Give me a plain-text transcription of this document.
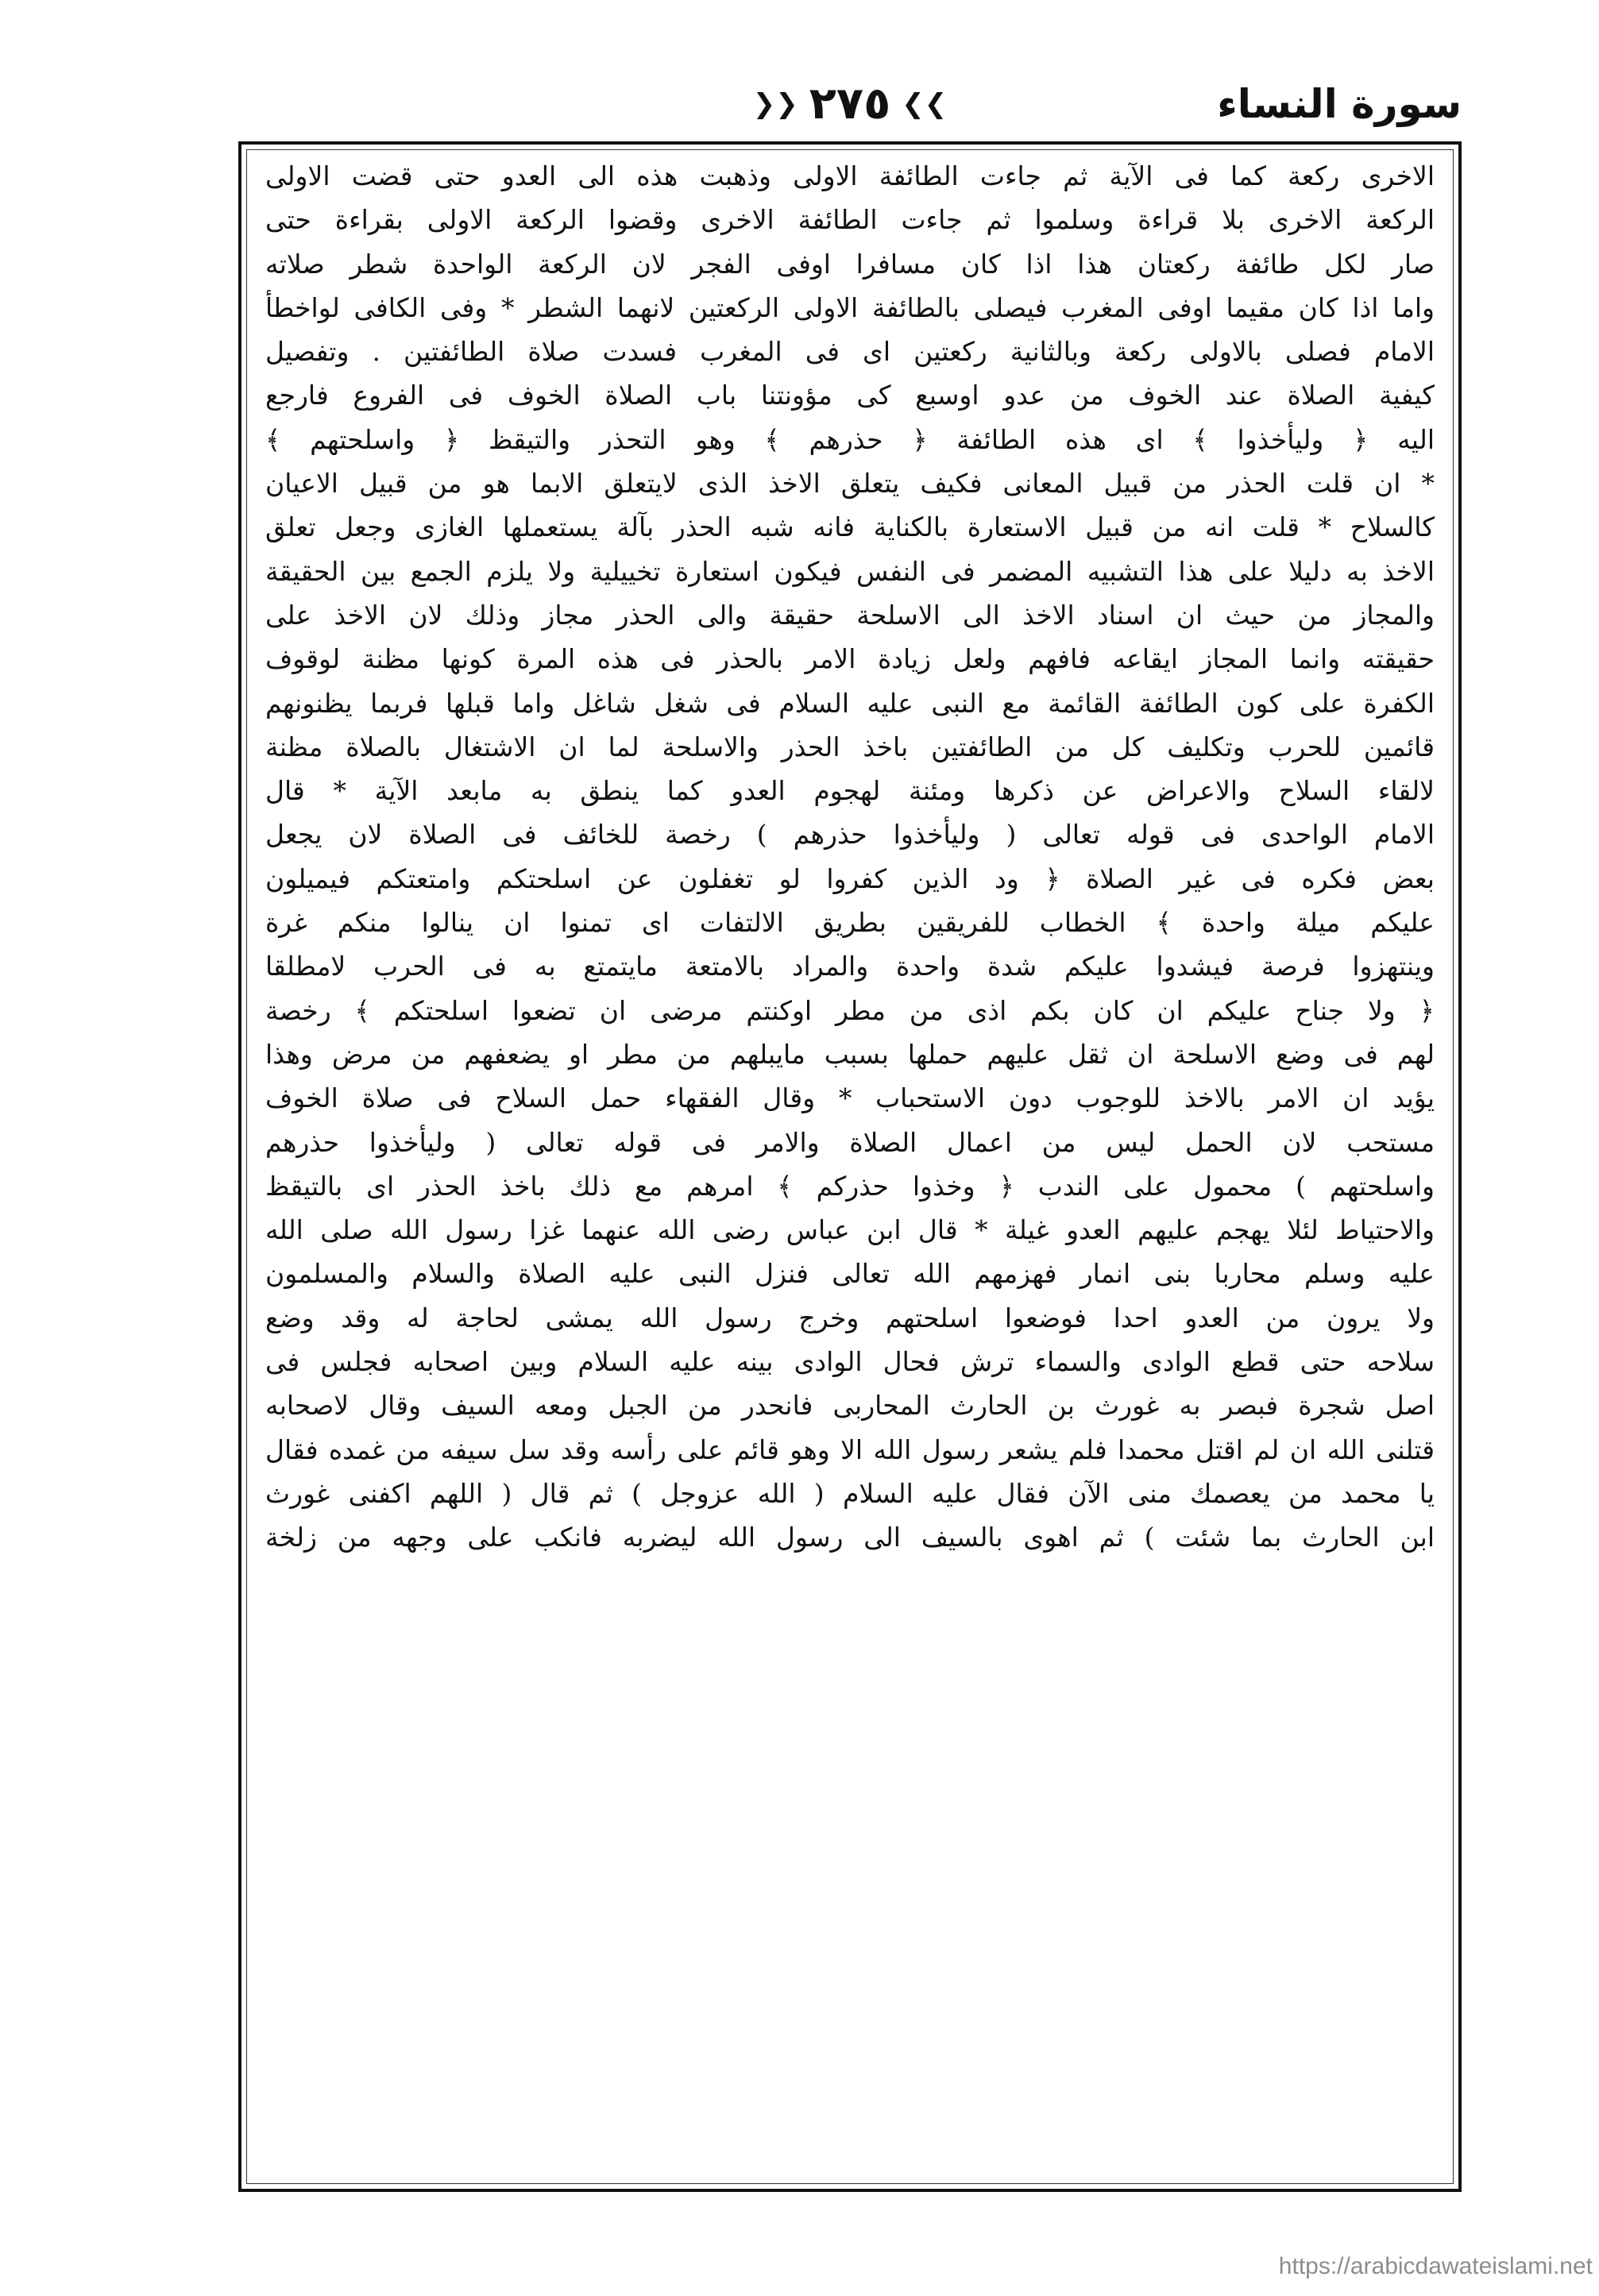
سورة النساء
❯❯ ٢٧٥ ❮❮
الاخرى ركعة كما فى الآية ثم جاءت الطائفة الاولى وذهبت هذه الى العدو حتى قضت الاولى
الركعة الاخرى بلا قراءة وسلموا ثم جاءت الطائفة الاخرى وقضوا الركعة الاولى بقراءة حتى
صار لكل طائفة ركعتان هذا اذا كان مسافرا اوفى الفجر لان الركعة الواحدة شطر صلاته
واما اذا كان مقيما اوفى المغرب فيصلى بالطائفة الاولى الركعتين لانهما الشطر * وفى الكافى لواخطأ
الامام فصلى بالاولى ركعة وبالثانية ركعتين اى فى المغرب فسدت صلاة الطائفتين . وتفصيل
كيفية الصلاة عند الخوف من عدو اوسبع كى مؤونتنا باب الصلاة الخوف فى الفروع فارجع
اليه ﴿ وليأخذوا ﴾ اى هذه الطائفة ﴿ حذرهم ﴾ وهو التحذر والتيقظ ﴿ واسلحتهم ﴾
* ان قلت الحذر من قبيل المعانى فكيف يتعلق الاخذ الذى لايتعلق الابما هو من قبيل الاعيان
كالسلاح * قلت انه من قبيل الاستعارة بالكناية فانه شبه الحذر بآلة يستعملها الغازى وجعل تعلق
الاخذ به دليلا على هذا التشبيه المضمر فى النفس فيكون استعارة تخييلية ولا يلزم الجمع بين الحقيقة
والمجاز من حيث ان اسناد الاخذ الى الاسلحة حقيقة والى الحذر مجاز وذلك لان الاخذ على
حقيقته وانما المجاز ايقاعه فافهم ولعل زيادة الامر بالحذر فى هذه المرة كونها مظنة لوقوف
الكفرة على كون الطائفة القائمة مع النبى عليه السلام فى شغل شاغل واما قبلها فربما يظنونهم
قائمين للحرب وتكليف كل من الطائفتين باخذ الحذر والاسلحة لما ان الاشتغال بالصلاة مظنة
لالقاء السلاح والاعراض عن ذكرها ومئنة لهجوم العدو كما ينطق به مابعد الآية * قال
الامام الواحدى فى قوله تعالى ( وليأخذوا حذرهم ) رخصة للخائف فى الصلاة لان يجعل
بعض فكره فى غير الصلاة ﴿ ود الذين كفروا لو تغفلون عن اسلحتكم وامتعتكم فيميلون
عليكم ميلة واحدة ﴾ الخطاب للفريقين بطريق الالتفات اى تمنوا ان ينالوا منكم غرة
وينتهزوا فرصة فيشدوا عليكم شدة واحدة والمراد بالامتعة مايتمتع به فى الحرب لامطلقا
﴿ ولا جناح عليكم ان كان بكم اذى من مطر اوكنتم مرضى ان تضعوا اسلحتكم ﴾ رخصة
لهم فى وضع الاسلحة ان ثقل عليهم حملها بسبب مايبلهم من مطر او يضعفهم من مرض وهذا
يؤيد ان الامر بالاخذ للوجوب دون الاستحباب * وقال الفقهاء حمل السلاح فى صلاة الخوف
مستحب لان الحمل ليس من اعمال الصلاة والامر فى قوله تعالى ( وليأخذوا حذرهم
واسلحتهم ) محمول على الندب ﴿ وخذوا حذركم ﴾ امرهم مع ذلك باخذ الحذر اى بالتيقظ
والاحتياط لئلا يهجم عليهم العدو غيلة * قال ابن عباس رضى الله عنهما غزا رسول الله صلى الله
عليه وسلم محاربا بنى انمار فهزمهم الله تعالى فنزل النبى عليه الصلاة والسلام والمسلمون
ولا يرون من العدو احدا فوضعوا اسلحتهم وخرج رسول الله يمشى لحاجة له وقد وضع
سلاحه حتى قطع الوادى والسماء ترش فحال الوادى بينه عليه السلام وبين اصحابه فجلس فى
اصل شجرة فبصر به غورث بن الحارث المحاربى فانحدر من الجبل ومعه السيف وقال لاصحابه
قتلنى الله ان لم اقتل محمدا فلم يشعر رسول الله الا وهو قائم على رأسه وقد سل سيفه من غمده فقال
يا محمد من يعصمك منى الآن فقال عليه السلام ( الله عزوجل ) ثم قال ( اللهم اكفنى غورث
ابن الحارث بما شئت ) ثم اهوى بالسيف الى رسول الله ليضربه فانكب على وجهه من زلخة
https://arabicdawateislami.net
